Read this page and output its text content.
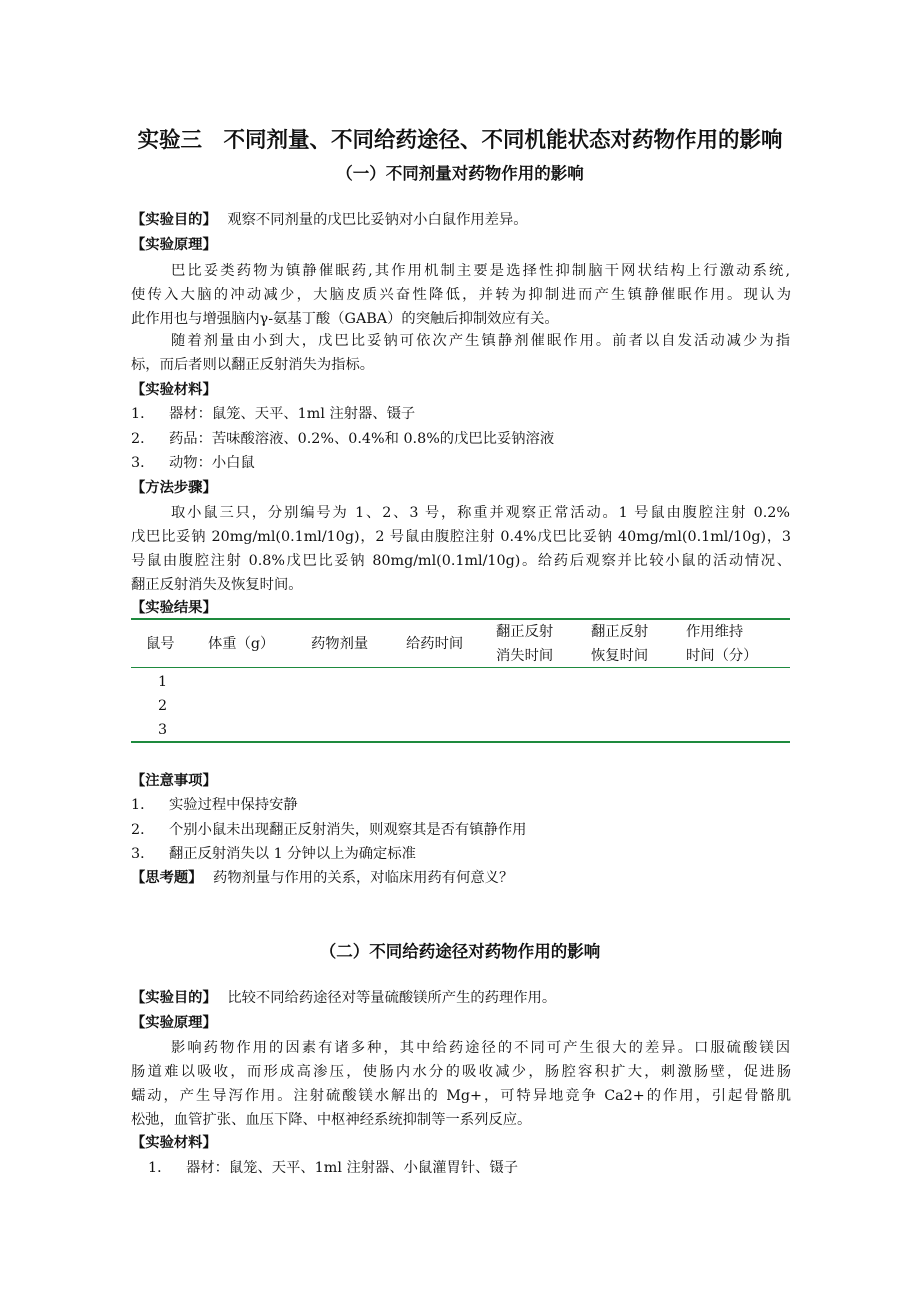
实验三　不同剂量、不同给药途径、不同机能状态对药物作用的影响
（一）不同剂量对药物作用的影响
【实验目的】 观察不同剂量的戊巴比妥钠对小白鼠作用差异。
【实验原理】
巴比妥类药物为镇静催眠药,其作用机制主要是选择性抑制脑干网状结构上行激动系统,
使传入大脑的冲动减少，大脑皮质兴奋性降低，并转为抑制进而产生镇静催眠作用。现认为
此作用也与增强脑内γ-氨基丁酸（GABA）的突触后抑制效应有关。
随着剂量由小到大，戊巴比妥钠可依次产生镇静剂催眠作用。前者以自发活动减少为指
标，而后者则以翻正反射消失为指标。
【实验材料】
1． 器材：鼠笼、天平、1ml 注射器、镊子
2． 药品：苦味酸溶液、0.2%、0.4%和 0.8%的戊巴比妥钠溶液
3． 动物：小白鼠
【方法步骤】
取小鼠三只，分别编号为 1、2、3 号，称重并观察正常活动。1 号鼠由腹腔注射 0.2%
戊巴比妥钠 20mg/ml(0.1ml/10g)，2 号鼠由腹腔注射 0.4%戊巴比妥钠 40mg/ml(0.1ml/10g)，3
号鼠由腹腔注射 0.8%戊巴比妥钠 80mg/ml(0.1ml/10g)。给药后观察并比较小鼠的活动情况、
翻正反射消失及恢复时间。
【实验结果】
鼠号 体重（g）	药物剂量	给药时间
翻正反射
消失时间
翻正反射
恢复时间
作用维持
时间（分）
1
2
3
【注意事项】
1． 实验过程中保持安静
2． 个别小鼠未出现翻正反射消失，则观察其是否有镇静作用
3． 翻正反射消失以 1 分钟以上为确定标准
【思考题】 药物剂量与作用的关系，对临床用药有何意义？
（二）不同给药途径对药物作用的影响
【实验目的】 比较不同给药途径对等量硫酸镁所产生的药理作用。
【实验原理】
影响药物作用的因素有诸多种，其中给药途径的不同可产生很大的差异。口服硫酸镁因
肠道难以吸收，而形成高渗压，使肠内水分的吸收减少，肠腔容积扩大，刺激肠壁，促进肠
蠕动，产生导泻作用。注射硫酸镁水解出的 Mg+，可特异地竞争 Ca2+的作用，引起骨骼肌
松弛，血管扩张、血压下降、中枢神经系统抑制等一系列反应。
【实验材料】
1． 器材：鼠笼、天平、1ml 注射器、小鼠灌胃针、镊子
